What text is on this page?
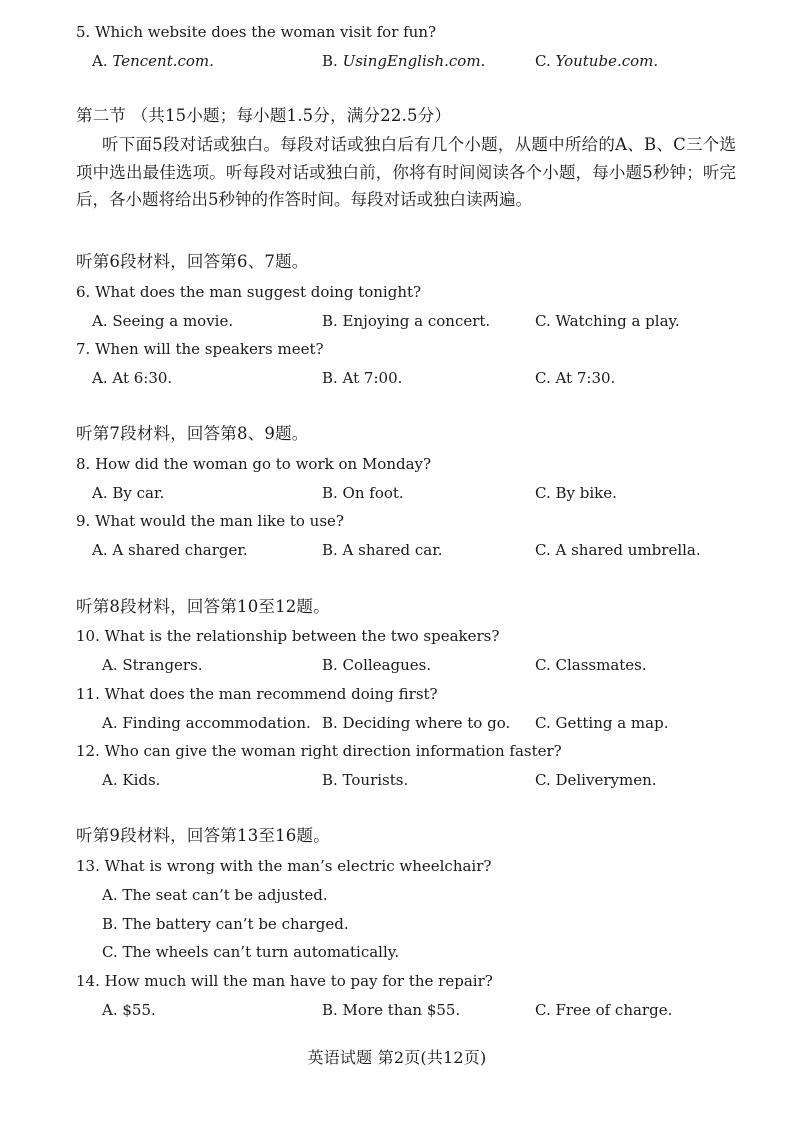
5. Which website does the woman visit for fun?
A. Tencent.com.	B. UsingEnglish.com.	C. Youtube.com.
第二节 （共15小题；每小题1.5分，满分22.5分）
听下面5段对话或独白。每段对话或独白后有几个小题，从题中所给的A、B、C三个选项中选出最佳选项。听每段对话或独白前，你将有时间阅读各个小题，每小题5秒钟；听完后，各小题将给出5秒钟的作答时间。每段对话或独白读两遍。
听第6段材料，回答第6、7题。
6. What does the man suggest doing tonight?
A. Seeing a movie.	B. Enjoying a concert.	C. Watching a play.
7. When will the speakers meet?
A. At 6:30.	B. At 7:00.	C. At 7:30.
听第7段材料，回答第8、9题。
8. How did the woman go to work on Monday?
A. By car.	B. On foot.	C. By bike.
9. What would the man like to use?
A. A shared charger.	B. A shared car.	C. A shared umbrella.
听第8段材料，回答第10至12题。
10. What is the relationship between the two speakers?
A. Strangers.	B. Colleagues.	C. Classmates.
11. What does the man recommend doing first?
A. Finding accommodation. B. Deciding where to go. C. Getting a map.
12. Who can give the woman right direction information faster?
A. Kids.	B. Tourists.	C. Deliverymen.
听第9段材料，回答第13至16题。
13. What is wrong with the man’s electric wheelchair?
A. The seat can’t be adjusted.
B. The battery can’t be charged.
C. The wheels can’t turn automatically.
14. How much will the man have to pay for the repair?
A. $55.	B. More than $55.	C. Free of charge.
英语试题 第2页(共12页)
